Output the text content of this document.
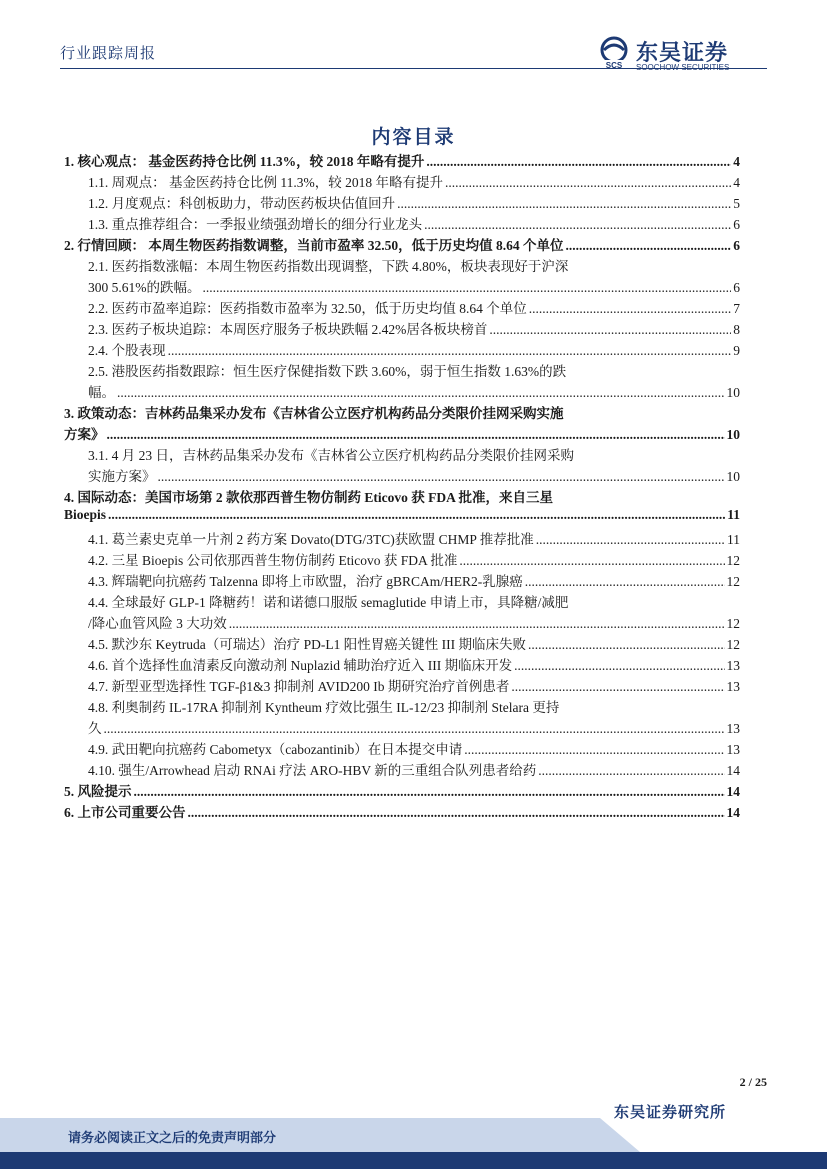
行业跟踪周报
SCS
东吴证券
SOOCHOW SECURITIES
内容目录
1. 核心观点： 基金医药持仓比例 11.3%，较 2018 年略有提升 .....	4
1.1. 周观点： 基金医药持仓比例 11.3%，较 2018 年略有提升 .....	4
1.2. 月度观点：科创板助力，带动医药板块估值回升 .....	5
1.3. 重点推荐组合：一季报业绩强劲增长的细分行业龙头 .....	6
2. 行情回顾： 本周生物医药指数调整，当前市盈率 32.50，低于历史均值 8.64 个单位 .....	6
2.1. 医药指数涨幅：本周生物医药指数出现调整，下跌 4.80%，板块表现好于沪深
300 5.61%的跌幅。 .....	6
2.2. 医药市盈率追踪：医药指数市盈率为 32.50，低于历史均值 8.64 个单位 .....	7
2.3. 医药子板块追踪：本周医疗服务子板块跌幅 2.42%居各板块榜首 .....	8
2.4. 个股表现 .....	9
2.5. 港股医药指数跟踪：恒生医疗保健指数下跌 3.60%，弱于恒生指数 1.63%的跌
幅。 .....	10
3. 政策动态：吉林药品集采办发布《吉林省公立医疗机构药品分类限价挂网采购实施
方案》 .....	10
3.1. 4 月 23 日，吉林药品集采办发布《吉林省公立医疗机构药品分类限价挂网采购
实施方案》 .....	10
4. 国际动态：美国市场第 2 款依那西普生物仿制药 Eticovo 获 FDA 批准，来自三星
Bioepis .....	11
4.1. 葛兰素史克单一片剂 2 药方案 Dovato(DTG/3TC)获欧盟 CHMP 推荐批准 .....	11
4.2. 三星 Bioepis 公司依那西普生物仿制药 Eticovo 获 FDA 批准 .....	12
4.3. 辉瑞靶向抗癌药 Talzenna 即将上市欧盟，治疗 gBRCAm/HER2-乳腺癌 .....	12
4.4. 全球最好 GLP-1 降糖药！诺和诺德口服版 semaglutide 申请上市，具降糖/减肥
/降心血管风险 3 大功效 .....	12
4.5. 默沙东 Keytruda（可瑞达）治疗 PD-L1 阳性胃癌关键性 III 期临床失败 .....	12
4.6. 首个选择性血清素反向激动剂 Nuplazid 辅助治疗近入 III 期临床开发 .....	13
4.7. 新型亚型选择性 TGF-β1&3 抑制剂 AVID200 Ib 期研究治疗首例患者 .....	13
4.8. 利奥制药 IL-17RA 抑制剂 Kyntheum 疗效比强生 IL-12/23 抑制剂 Stelara 更持
久 .....	13
4.9. 武田靶向抗癌药 Cabometyx（cabozantinib）在日本提交申请 .....	13
4.10. 强生/Arrowhead 启动 RNAi 疗法 ARO-HBV 新的三重组合队列患者给药 .....	14
5. 风险提示 .....	14
6. 上市公司重要公告 .....	14
2 / 25
东吴证券研究所
请务必阅读正文之后的免责声明部分
